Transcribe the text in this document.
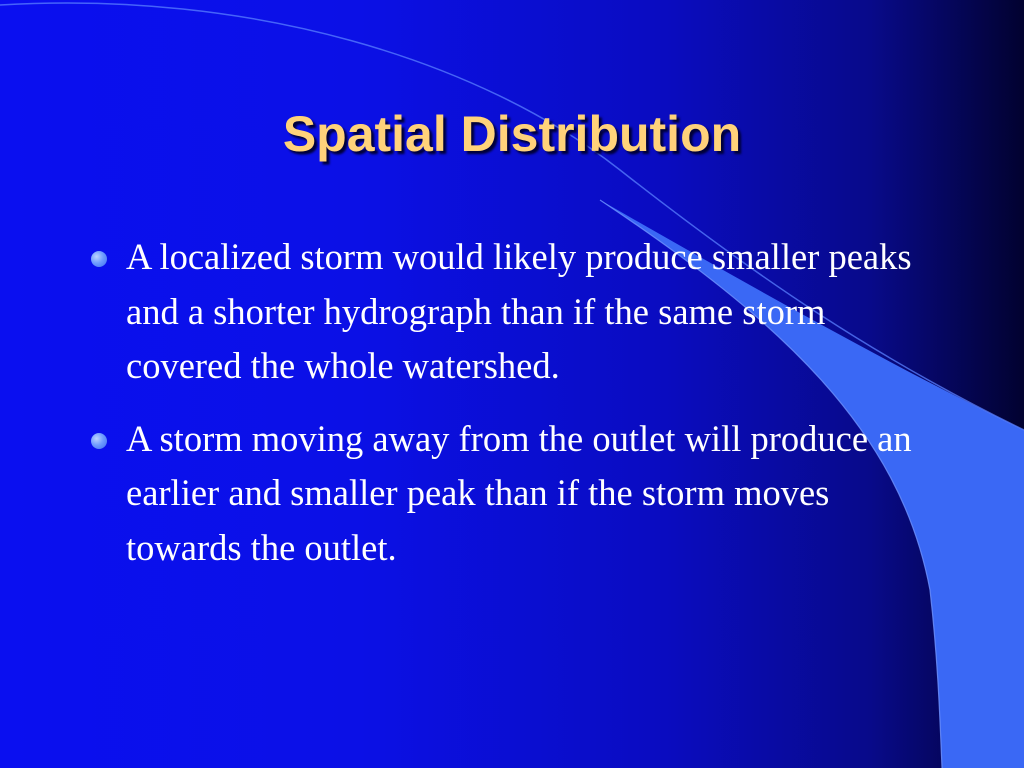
Spatial Distribution
A localized storm would likely produce smaller peaks and a shorter hydrograph than if the same storm covered the whole watershed.
A storm moving away from the outlet will produce an earlier and smaller peak than if the storm moves towards the outlet.
